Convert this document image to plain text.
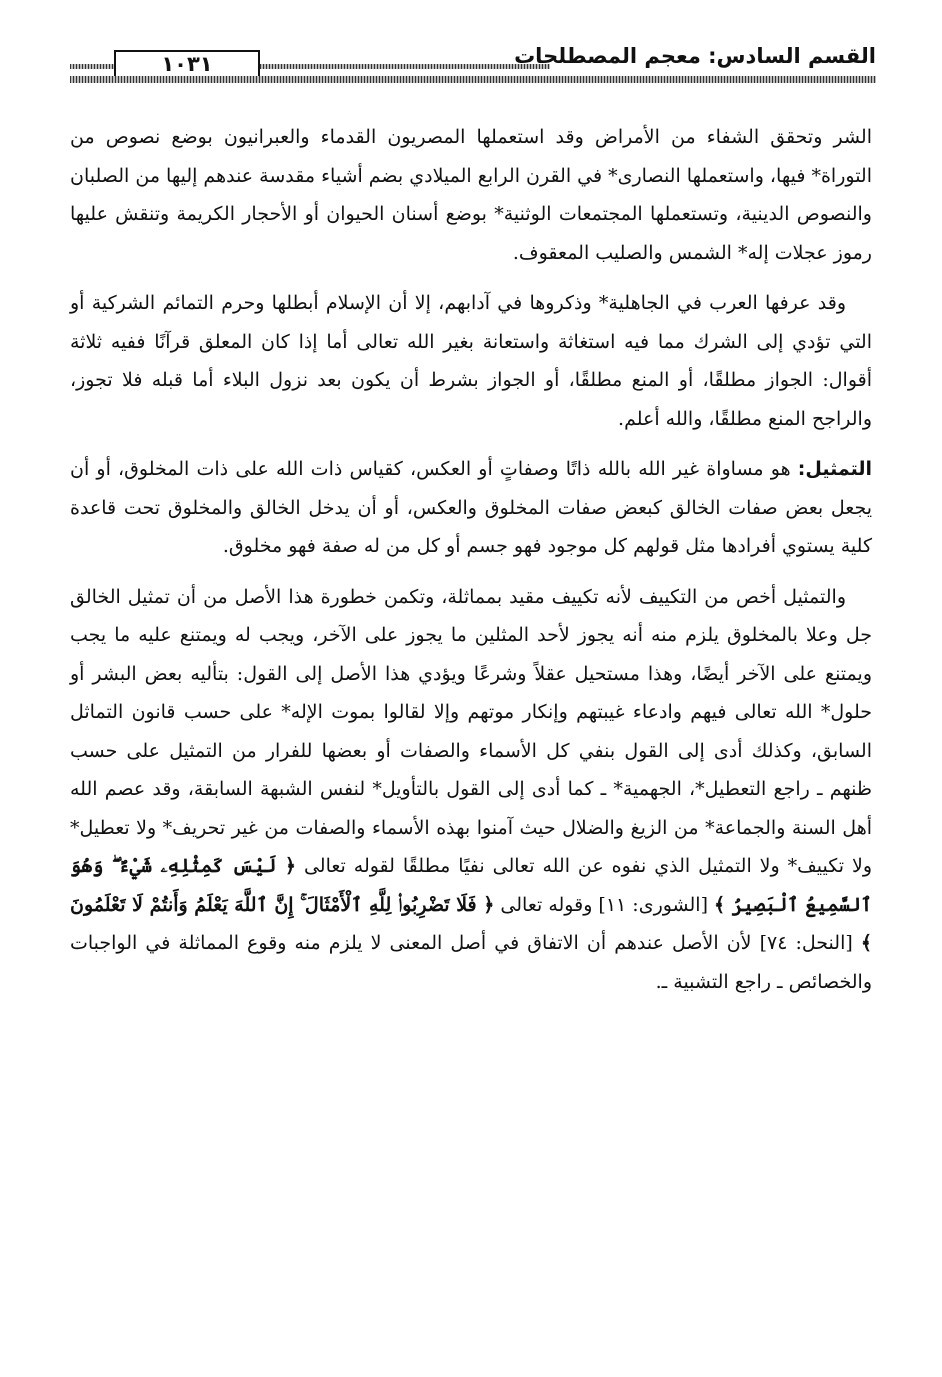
١٠٣١	القسم السادس: معجم المصطلحات

الشر وتحقق الشفاء من الأمراض وقد استعملها المصريون القدماء والعبرانيون بوضع نصوص من التوراة* فيها، واستعملها النصارى* في القرن الرابع الميلادي بضم أشياء مقدسة عندهم إليها من الصلبان والنصوص الدينية، وتستعملها المجتمعات الوثنية* بوضع أسنان الحيوان أو الأحجار الكريمة وتنقش عليها رموز عجلات إله* الشمس والصليب المعقوف.

وقد عرفها العرب في الجاهلية* وذكروها في آدابهم، إلا أن الإسلام أبطلها وحرم التمائم الشركية أو التي تؤدي إلى الشرك مما فيه استغاثة واستعانة بغير الله تعالى أما إذا كان المعلق قرآنًا ففيه ثلاثة أقوال: الجواز مطلقًا، أو المنع مطلقًا، أو الجواز بشرط أن يكون بعد نزول البلاء أما قبله فلا تجوز، والراجح المنع مطلقًا، والله أعلم.

التمثيل: هو مساواة غير الله بالله ذاتًا وصفاتٍ أو العكس، كقياس ذات الله على ذات المخلوق، أو أن يجعل بعض صفات الخالق كبعض صفات المخلوق والعكس، أو أن يدخل الخالق والمخلوق تحت قاعدة كلية يستوي أفرادها مثل قولهم كل موجود فهو جسم أو كل من له صفة فهو مخلوق.

والتمثيل أخص من التكييف لأنه تكييف مقيد بمماثلة، وتكمن خطورة هذا الأصل من أن تمثيل الخالق جل وعلا بالمخلوق يلزم منه أنه يجوز لأحد المثلين ما يجوز على الآخر، ويجب له ويمتنع عليه ما يجب ويمتنع على الآخر أيضًا، وهذا مستحيل عقلاً وشرعًا ويؤدي هذا الأصل إلى القول: بتأليه بعض البشر أو حلول* الله تعالى فيهم وادعاء غيبتهم وإنكار موتهم وإلا لقالوا بموت الإله* على حسب قانون التماثل السابق، وكذلك أدى إلى القول بنفي كل الأسماء والصفات أو بعضها للفرار من التمثيل على حسب ظنهم ـ راجع التعطيل*، الجهمية* ـ كما أدى إلى القول بالتأويل* لنفس الشبهة السابقة، وقد عصم الله أهل السنة والجماعة* من الزيغ والضلال حيث آمنوا بهذه الأسماء والصفات من غير تحريف* ولا تعطيل* ولا تكييف* ولا التمثيل الذي نفوه عن الله تعالى نفيًا مطلقًا لقوله تعالى ﴿ لَيْسَ كَمِثْلِهِۦ شَيْءٌ ۖ وَهُوَ ٱلسَّمِيعُ ٱلْبَصِيرُ ﴾ [الشورى: ١١] وقوله تعالى ﴿ فَلَا تَضْرِبُوا۟ لِلَّهِ ٱلْأَمْثَالَ ۚ إِنَّ ٱللَّهَ يَعْلَمُ وَأَنتُمْ لَا تَعْلَمُونَ ﴾ [النحل: ٧٤] لأن الأصل عندهم أن الاتفاق في أصل المعنى لا يلزم منه وقوع المماثلة في الواجبات والخصائص ـ راجع التشبية ـ.
